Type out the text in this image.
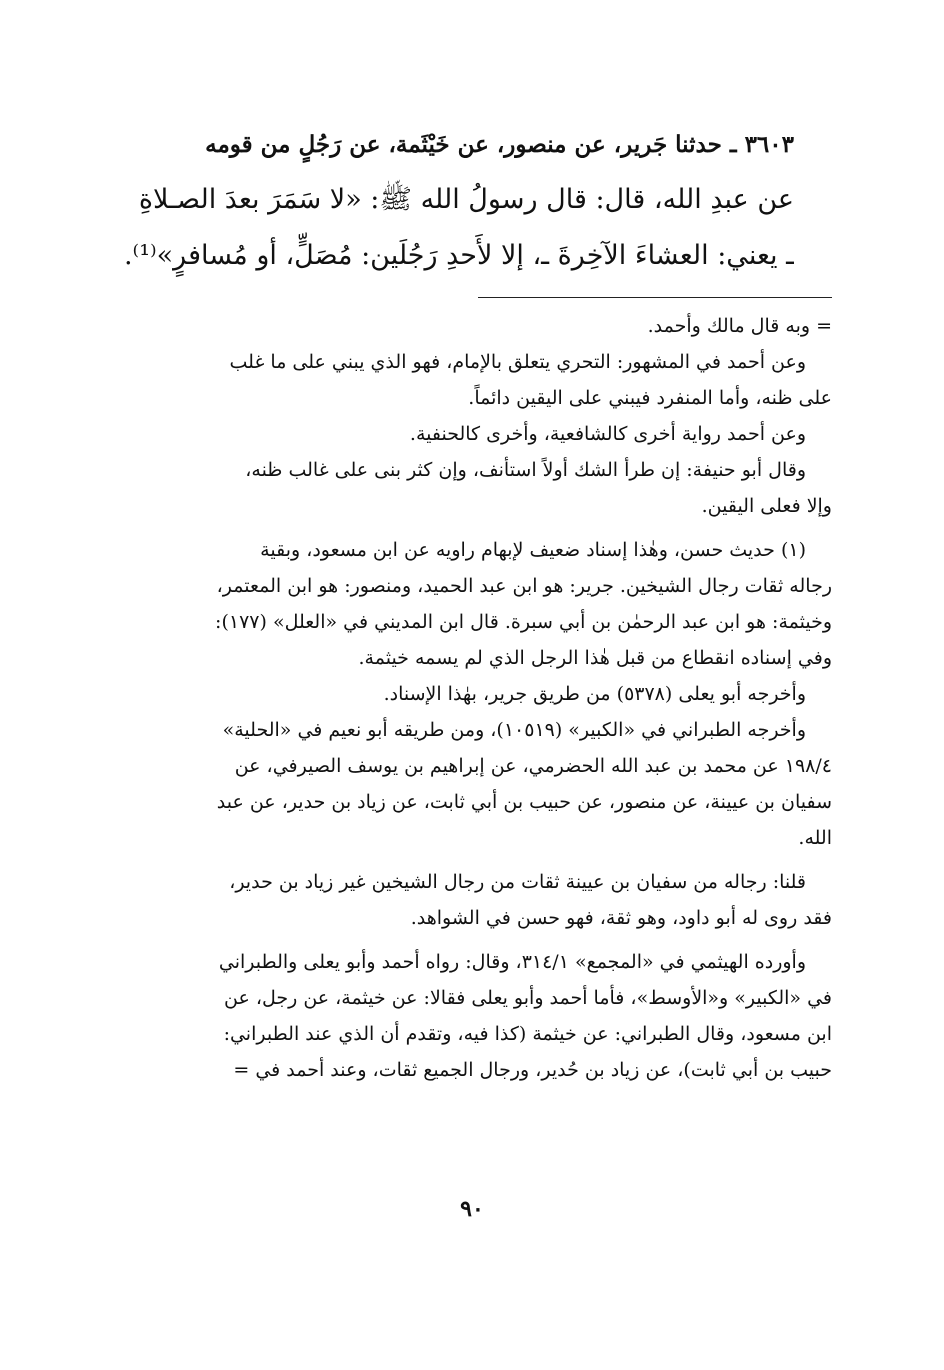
٣٦٠٣ ـ حدثنا جَرير، عن منصور، عن خَيْثَمة، عن رَجُلٍ من قومه
عن عبدِ الله، قال: قال رسولُ الله ﷺ: «لا سَمَرَ بعدَ الصـلاةِ
ـ يعني: العشاءَ الآخِرةَ ـ، إلا لأَحدِ رَجُلَين: مُصَلٍّ، أو مُسافرٍ»⁽¹⁾.
= وبه قال مالك وأحمد.
وعن أحمد في المشهور: التحري يتعلق بالإمام، فهو الذي يبني على ما غلب
على ظنه، وأما المنفرد فيبني على اليقين دائماً.
وعن أحمد رواية أخرى كالشافعية، وأخرى كالحنفية.
وقال أبو حنيفة: إن طرأ الشك أولاً استأنف، وإن كثر بنى على غالب ظنه،
وإلا فعلى اليقين.
(١) حديث حسن، وهٰذا إسناد ضعيف لإبهام راويه عن ابن مسعود، وبقية
رجاله ثقات رجال الشيخين. جرير: هو ابن عبد الحميد، ومنصور: هو ابن المعتمر،
وخيثمة: هو ابن عبد الرحمٰن بن أبي سبرة. قال ابن المديني في «العلل» (١٧٧):
وفي إسناده انقطاع من قبل هٰذا الرجل الذي لم يسمه خيثمة.
وأخرجه أبو يعلى (٥٣٧٨) من طريق جرير، بهٰذا الإسناد.
وأخرجه الطبراني في «الكبير» (١٠٥١٩)، ومن طريقه أبو نعيم في «الحلية»
١٩٨/٤ عن محمد بن عبد الله الحضرمي، عن إبراهيم بن يوسف الصيرفي، عن
سفيان بن عيينة، عن منصور، عن حبيب بن أبي ثابت، عن زياد بن حدير، عن عبد
الله.
قلنا: رجاله من سفيان بن عيينة ثقات من رجال الشيخين غير زياد بن حدير،
فقد روى له أبو داود، وهو ثقة، فهو حسن في الشواهد.
وأورده الهيثمي في «المجمع» ٣١٤/١، وقال: رواه أحمد وأبو يعلى والطبراني
في «الكبير» و«الأوسط»، فأما أحمد وأبو يعلى فقالا: عن خيثمة، عن رجل، عن
ابن مسعود، وقال الطبراني: عن خيثمة (كذا فيه، وتقدم أن الذي عند الطبراني:
حبيب بن أبي ثابت)، عن زياد بن حُدير، ورجال الجميع ثقات، وعند أحمد في =
٩٠
